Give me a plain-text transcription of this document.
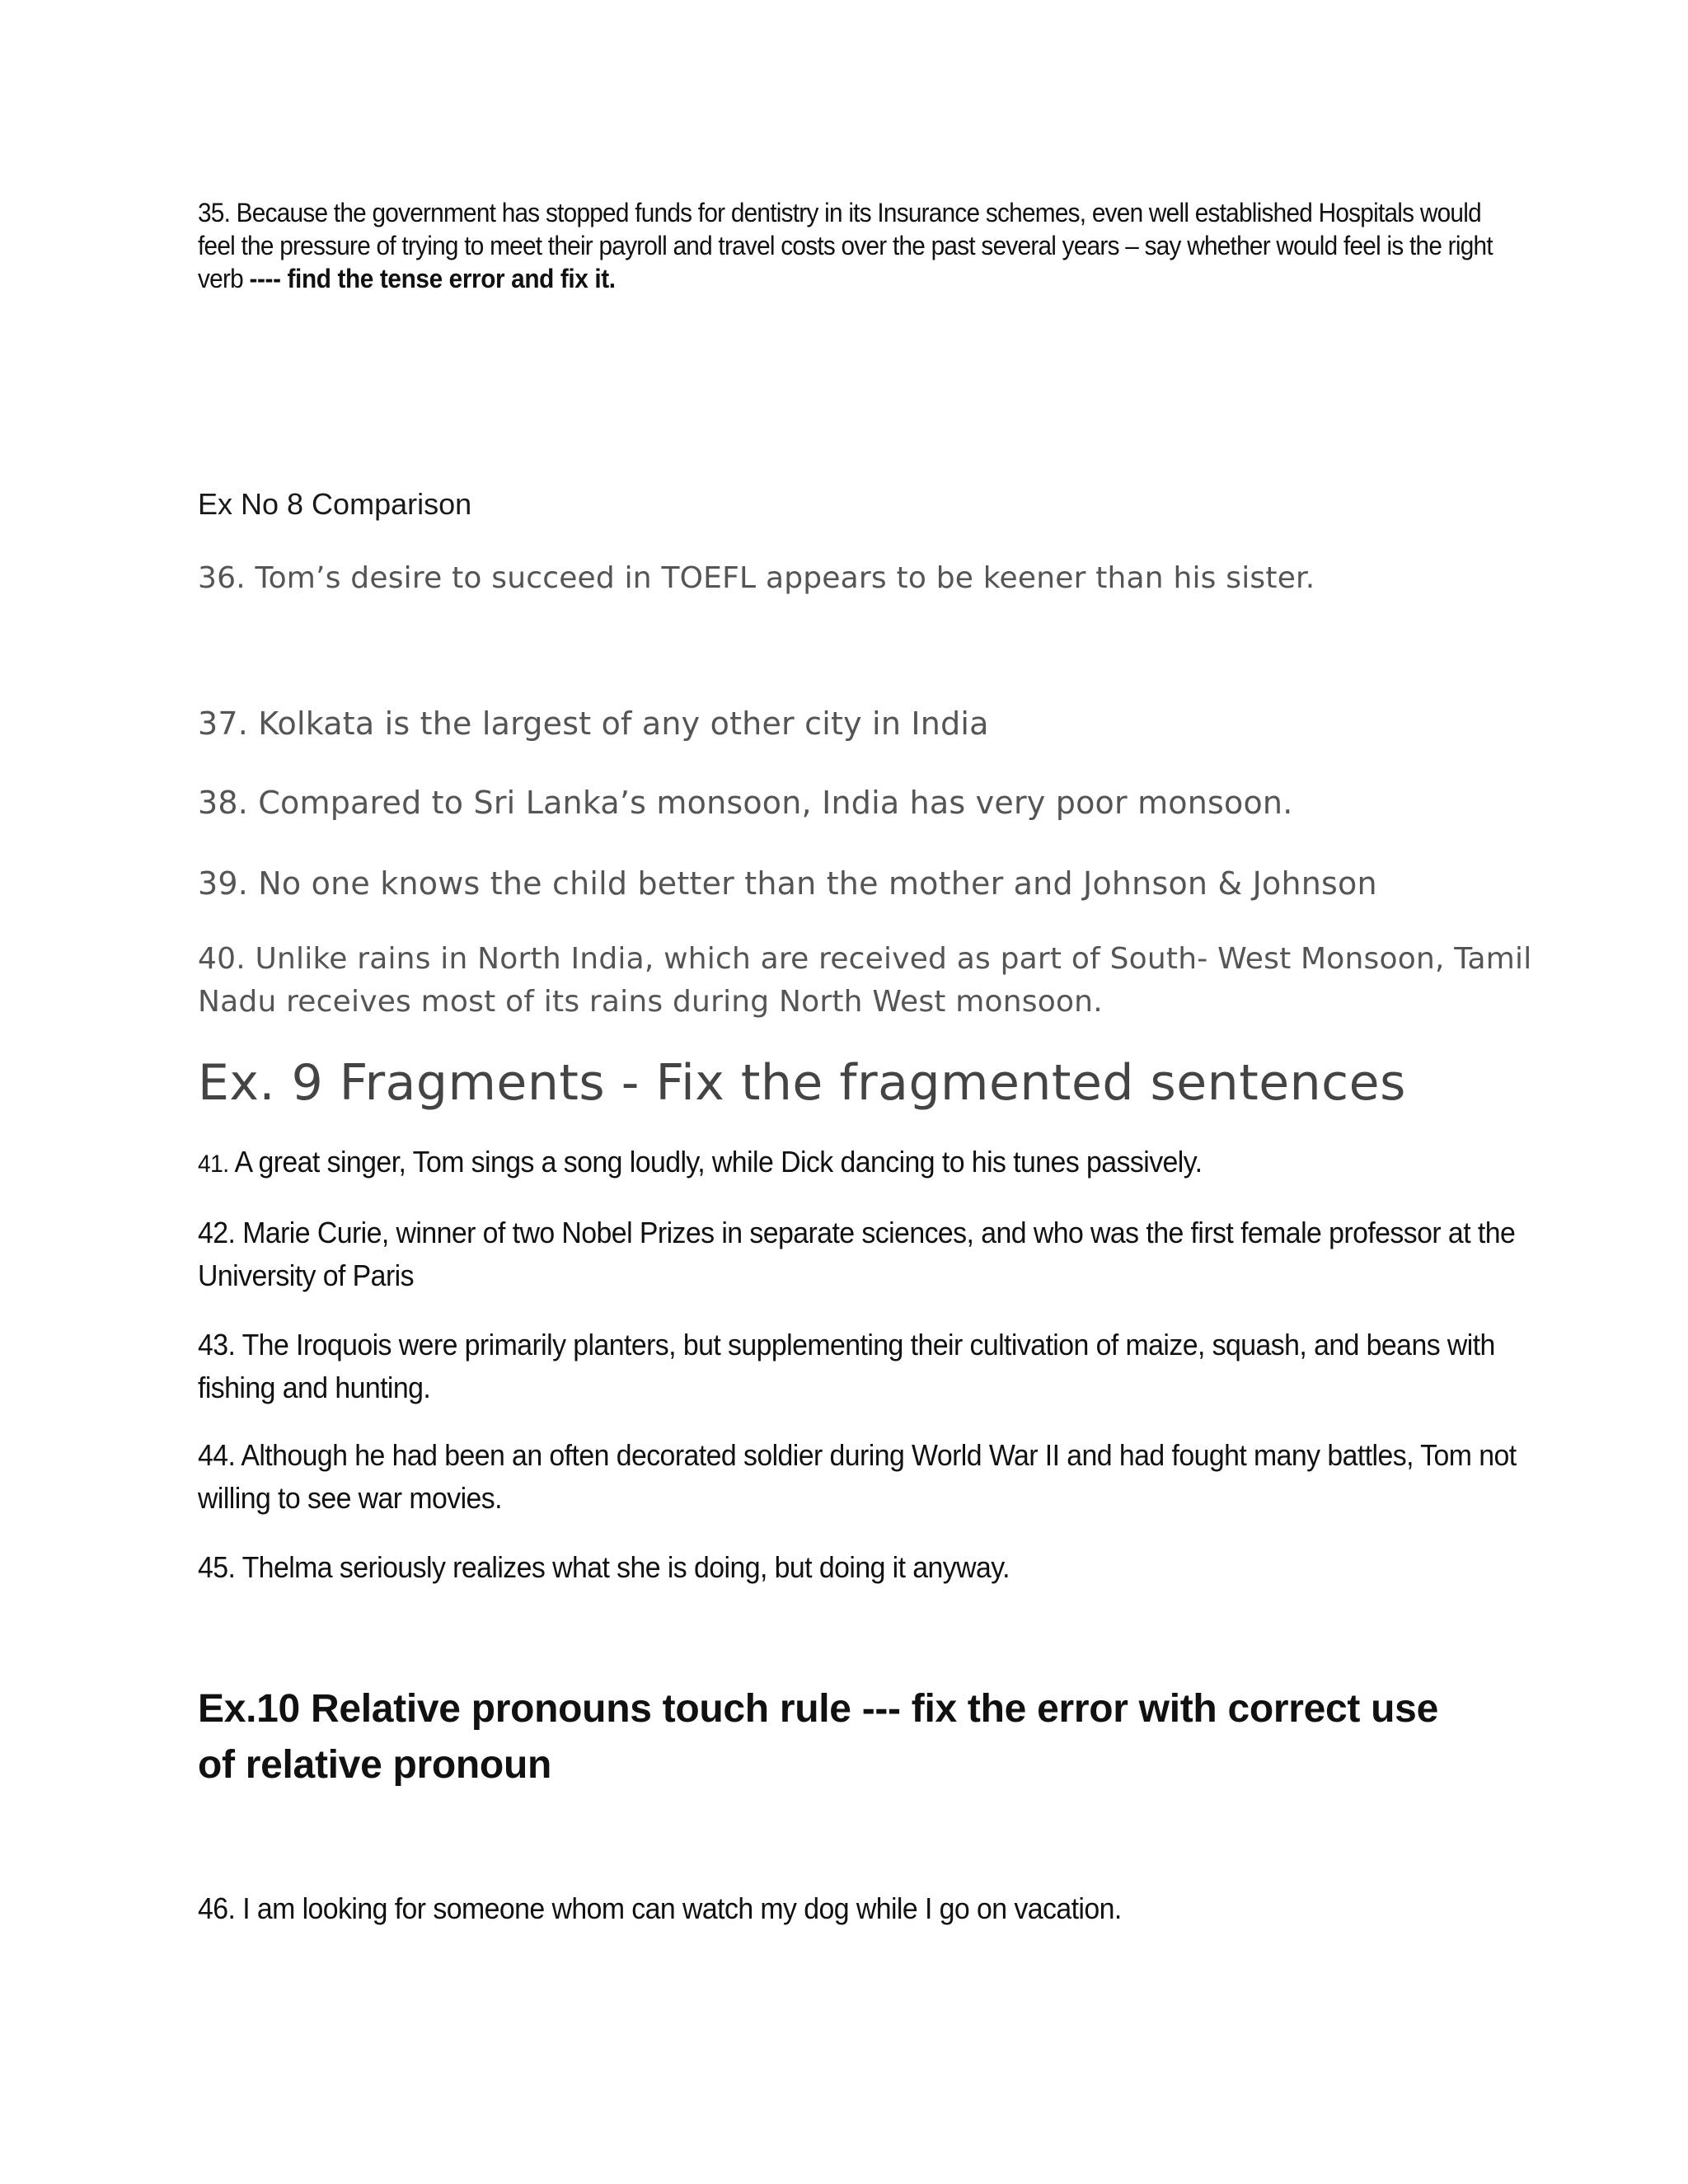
35. Because the government has stopped funds for dentistry in its Insurance schemes, even well established Hospitals would feel the pressure of trying to meet their payroll and travel costs over the past several years – say whether would feel is the right verb ---- find the tense error and fix it.

Ex No 8 Comparison

36. Tom’s desire to succeed in TOEFL appears to be keener than his sister.

37. Kolkata is the largest of any other city in India

38. Compared to Sri Lanka’s monsoon, India has very poor monsoon.

39. No one knows the child better than the mother and Johnson & Johnson

40. Unlike rains in North India, which are received as part of South- West Monsoon, Tamil Nadu receives most of its rains during North West monsoon.

Ex. 9 Fragments - Fix the fragmented sentences

41. A great singer, Tom sings a song loudly, while Dick dancing to his tunes passively.

42. Marie Curie, winner of two Nobel Prizes in separate sciences, and who was the first female professor at the University of Paris

43. The Iroquois were primarily planters, but supplementing their cultivation of maize, squash, and beans with fishing and hunting.

44. Although he had been an often decorated soldier during World War II and had fought many battles, Tom not willing to see war movies.

45. Thelma seriously realizes what she is doing, but doing it anyway.

Ex.10 Relative pronouns touch rule --- fix the error with correct use of relative pronoun

46. I am looking for someone whom can watch my dog while I go on vacation.
